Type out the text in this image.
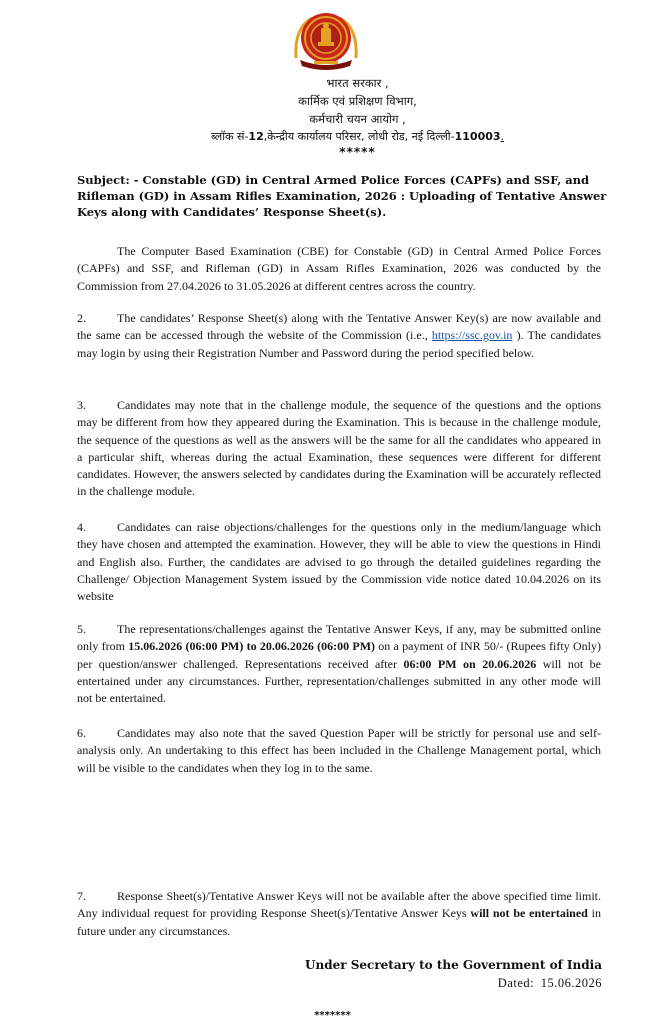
भारत सरकार ,
कार्मिक एवं प्रशिक्षण विभाग,
कर्मचारी चयन आयोग ,
ब्लॉक सं-12,केन्द्रीय कार्यालय परिसर, लोधी रोड, नई दिल्ली-110003.
*****
Subject: - Constable (GD) in Central Armed Police Forces (CAPFs) and SSF, and Rifleman (GD) in Assam Rifles Examination, 2026 : Uploading of Tentative Answer Keys along with Candidates’ Response Sheet(s).
The Computer Based Examination (CBE) for Constable (GD) in Central Armed Police Forces (CAPFs) and SSF, and Rifleman (GD) in Assam Rifles Examination, 2026 was conducted by the Commission from 27.04.2026 to 31.05.2026 at different centres across the country.
2.	The candidates’ Response Sheet(s) along with the Tentative Answer Key(s) are now available and the same can be accessed through the website of the Commission (i.e., https://ssc.gov.in ). The candidates may login by using their Registration Number and Password during the period specified below.
3.	Candidates may note that in the challenge module, the sequence of the questions and the options may be different from how they appeared during the Examination. This is because in the challenge module, the sequence of the questions as well as the answers will be the same for all the candidates who appeared in a particular shift, whereas during the actual Examination, these sequences were different for different candidates. However, the answers selected by candidates during the Examination will be accurately reflected in the challenge module.
4.	Candidates can raise objections/challenges for the questions only in the medium/language which they have chosen and attempted the examination. However, they will be able to view the questions in Hindi and English also. Further, the candidates are advised to go through the detailed guidelines regarding the Challenge/ Objection Management System issued by the Commission vide notice dated 10.04.2026 on its website
5.	The representations/challenges against the Tentative Answer Keys, if any, may be submitted online only from 15.06.2026 (06:00 PM) to 20.06.2026 (06:00 PM) on a payment of INR 50/- (Rupees fifty Only) per question/answer challenged. Representations received after 06:00 PM on 20.06.2026 will not be entertained under any circumstances. Further, representation/challenges submitted in any other mode will not be entertained.
6.	Candidates may also note that the saved Question Paper will be strictly for personal use and self-analysis only. An undertaking to this effect has been included in the Challenge Management portal, which will be visible to the candidates when they log in to the same.
7.	Response Sheet(s)/Tentative Answer Keys will not be available after the above specified time limit. Any individual request for providing Response Sheet(s)/Tentative Answer Keys will not be entertained in future under any circumstances.
Under Secretary to the Government of India
Dated: 15.06.2026
*******
